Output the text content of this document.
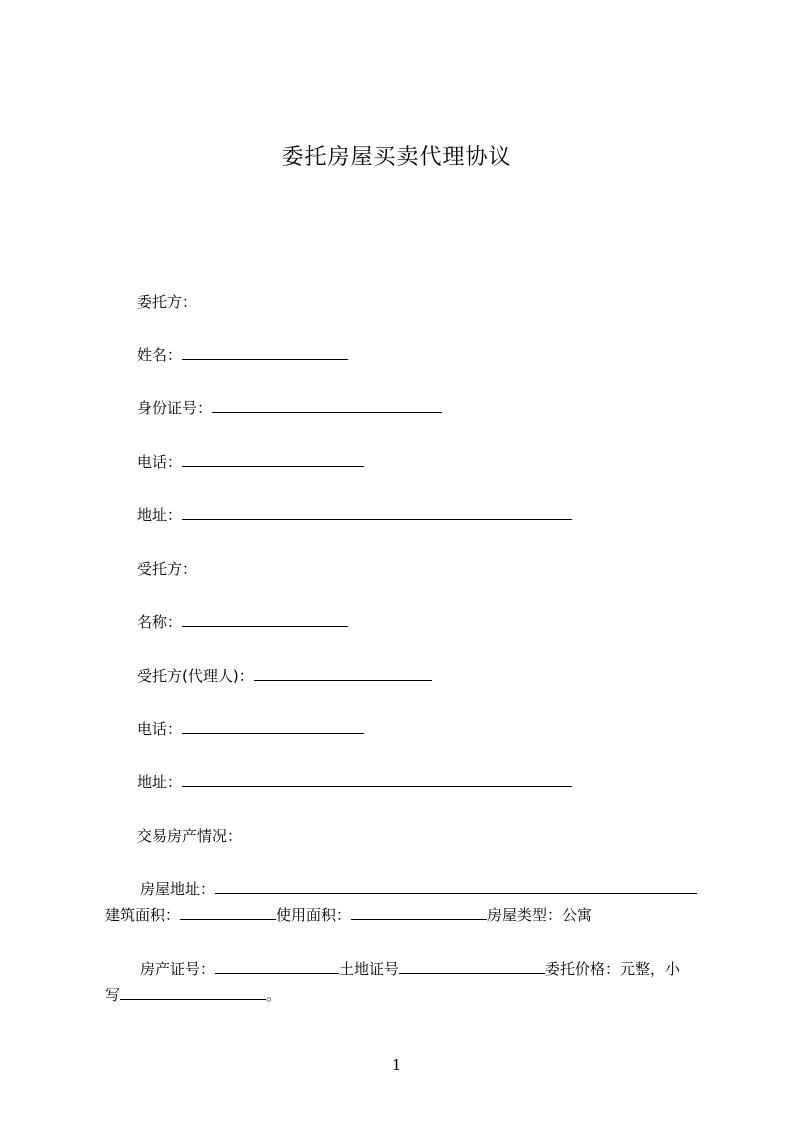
委托房屋买卖代理协议
委托方：
姓名：
身份证号：
电话：
地址：
受托方：
名称：
受托方(代理人)：
电话：
地址：
交易房产情况：
房屋地址：
建筑面积：	使用面积：	房屋类型：公寓
房产证号：	土地证号	委托价格：元整，小
写	。
1
